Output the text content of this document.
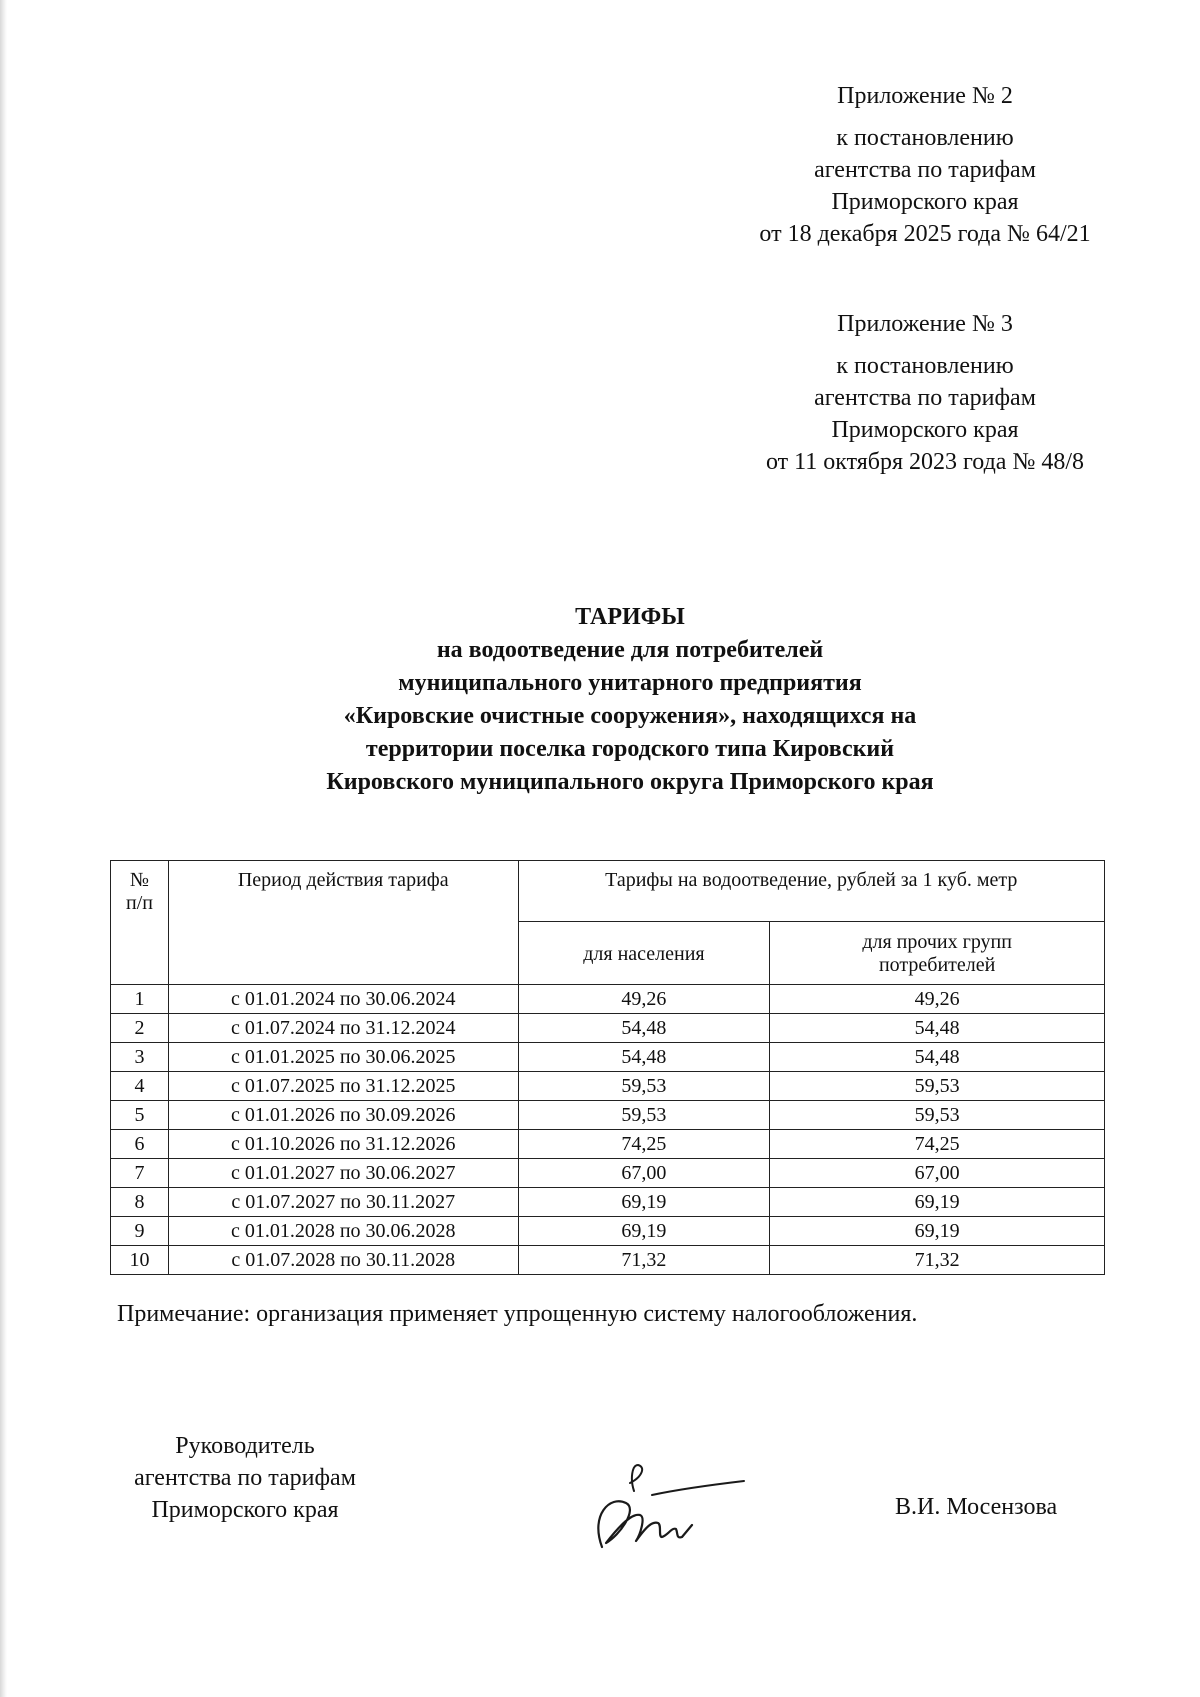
Приложение № 2

к постановлению

агентства по тарифам

Приморского края

от 18 декабря 2025 года № 64/21

Приложение № 3

к постановлению

агентства по тарифам

Приморского края

от 11 октября 2023 года № 48/8

ТАРИФЫ

на водоотведение для потребителей

муниципального унитарного предприятия

«Кировские очистные сооружения», находящихся на

территории поселка городского типа Кировский

Кировского муниципального округа Приморского края

№
п/п	Период действия тарифа	Тарифы на водоотведение, рублей за 1 куб. метр	
		для населения	для прочих групп
потребителей
1	с 01.01.2024 по 30.06.2024	49,26	49,26
2	с 01.07.2024 по 31.12.2024	54,48	54,48
3	с 01.01.2025 по 30.06.2025	54,48	54,48
4	с 01.07.2025 по 31.12.2025	59,53	59,53
5	с 01.01.2026 по 30.09.2026	59,53	59,53
6	с 01.10.2026 по 31.12.2026	74,25	74,25
7	с 01.01.2027 по 30.06.2027	67,00	67,00
8	с 01.07.2027 по 30.11.2027	69,19	69,19
9	с 01.01.2028 по 30.06.2028	69,19	69,19
10	с 01.07.2028 по 30.11.2028	71,32	71,32

Примечание: организация применяет упрощенную систему налогообложения.

Руководитель

агентства по тарифам

Приморского края	В.И. Мосензова
